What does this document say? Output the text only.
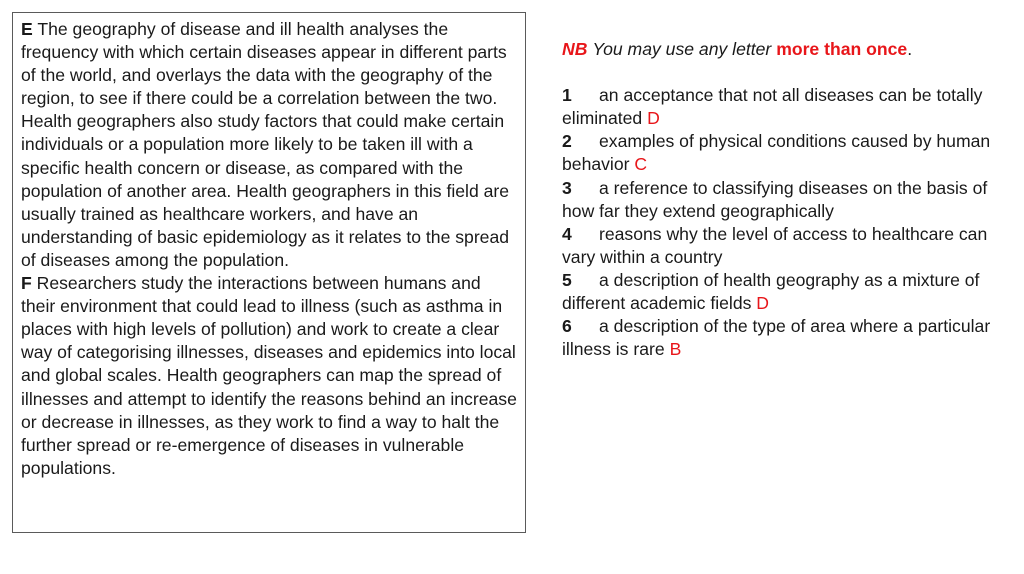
E The geography of disease and ill health analyses the frequency with which certain diseases appear in different parts of the world, and overlays the data with the geography of the region, to see if there could be a correlation between the two. Health geographers also study factors that could make certain individuals or a population more likely to be taken ill with a specific health concern or disease, as compared with the population of another area. Health geographers in this field are usually trained as healthcare workers, and have an understanding of basic epidemiology as it relates to the spread of diseases among the population.

F Researchers study the interactions between humans and their environment that could lead to illness (such as asthma in places with high levels of pollution) and work to create a clear way of categorising illnesses, diseases and epidemics into local and global scales. Health geographers can map the spread of illnesses and attempt to identify the reasons behind an increase or decrease in illnesses, as they work to find a way to halt the further spread or re-emergence of diseases in vulnerable populations.

NB You may use any letter more than once.

1 an acceptance that not all diseases can be totally eliminated D

2 examples of physical conditions caused by human behavior C

3 a reference to classifying diseases on the basis of how far they extend geographically

4 reasons why the level of access to healthcare can vary within a country

5 a description of health geography as a mixture of different academic fields D

6 a description of the type of area where a particular illness is rare B
